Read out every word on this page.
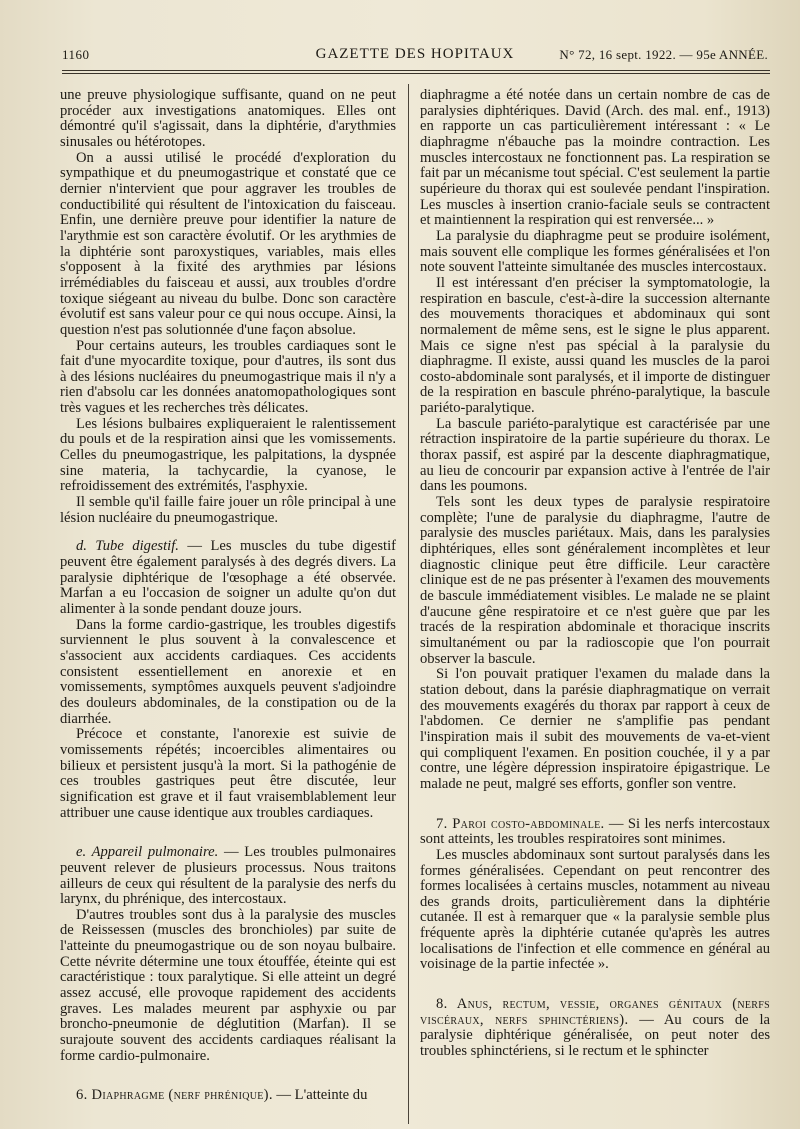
1160	GAZETTE DES HOPITAUX	N° 72, 16 sept. 1922. — 95e ANNÉE.

une preuve physiologique suffisante, quand on ne peut procéder aux investigations anatomiques. Elles ont démontré qu'il s'agissait, dans la diphtérie, d'arythmies sinusales ou hétérotopes.

On a aussi utilisé le procédé d'exploration du sympathique et du pneumogastrique et constaté que ce dernier n'intervient que pour aggraver les troubles de conductibilité qui résultent de l'intoxication du faisceau. Enfin, une dernière preuve pour identifier la nature de l'arythmie est son caractère évolutif. Or les arythmies de la diphtérie sont paroxystiques, variables, mais elles s'opposent à la fixité des arythmies par lésions irrémédiables du faisceau et aussi, aux troubles d'ordre toxique siégeant au niveau du bulbe. Donc son caractère évolutif est sans valeur pour ce qui nous occupe. Ainsi, la question n'est pas solutionnée d'une façon absolue.

Pour certains auteurs, les troubles cardiaques sont le fait d'une myocardite toxique, pour d'autres, ils sont dus à des lésions nucléaires du pneumogastrique mais il n'y a rien d'absolu car les données anatomopathologiques sont très vagues et les recherches très délicates.

Les lésions bulbaires expliqueraient le ralentissement du pouls et de la respiration ainsi que les vomissements. Celles du pneumogastrique, les palpitations, la dyspnée sine materia, la tachycardie, la cyanose, le refroidissement des extrémités, l'asphyxie.

Il semble qu'il faille faire jouer un rôle principal à une lésion nucléaire du pneumogastrique.

d. Tube digestif. — Les muscles du tube digestif peuvent être également paralysés à des degrés divers. La paralysie diphtérique de l'œsophage a été observée. Marfan a eu l'occasion de soigner un adulte qu'on dut alimenter à la sonde pendant douze jours.

Dans la forme cardio-gastrique, les troubles digestifs surviennent le plus souvent à la convalescence et s'associent aux accidents cardiaques. Ces accidents consistent essentiellement en anorexie et en vomissements, symptômes auxquels peuvent s'adjoindre des douleurs abdominales, de la constipation ou de la diarrhée.

Précoce et constante, l'anorexie est suivie de vomissements répétés; incoercibles alimentaires ou bilieux et persistent jusqu'à la mort. Si la pathogénie de ces troubles gastriques peut être discutée, leur signification est grave et il faut vraisemblablement leur attribuer une cause identique aux troubles cardiaques.

e. Appareil pulmonaire. — Les troubles pulmonaires peuvent relever de plusieurs processus. Nous traitons ailleurs de ceux qui résultent de la paralysie des nerfs du larynx, du phrénique, des intercostaux.

D'autres troubles sont dus à la paralysie des muscles de Reissessen (muscles des bronchioles) par suite de l'atteinte du pneumogastrique ou de son noyau bulbaire. Cette névrite détermine une toux étouffée, éteinte qui est caractéristique : toux paralytique. Si elle atteint un degré assez accusé, elle provoque rapidement des accidents graves. Les malades meurent par asphyxie ou par broncho-pneumonie de déglutition (Marfan). Il se surajoute souvent des accidents cardiaques réalisant la forme cardio-pulmonaire.

6. Diaphragme (nerf phrénique). — L'atteinte du

diaphragme a été notée dans un certain nombre de cas de paralysies diphtériques. David (Arch. des mal. enf., 1913) en rapporte un cas particulièrement intéressant : « Le diaphragme n'ébauche pas la moindre contraction. Les muscles intercostaux ne fonctionnent pas. La respiration se fait par un mécanisme tout spécial. C'est seulement la partie supérieure du thorax qui est soulevée pendant l'inspiration. Les muscles à insertion cranio-faciale seuls se contractent et maintiennent la respiration qui est renversée... »

La paralysie du diaphragme peut se produire isolément, mais souvent elle complique les formes généralisées et l'on note souvent l'atteinte simultanée des muscles intercostaux.

Il est intéressant d'en préciser la symptomatologie, la respiration en bascule, c'est-à-dire la succession alternante des mouvements thoraciques et abdominaux qui sont normalement de même sens, est le signe le plus apparent. Mais ce signe n'est pas spécial à la paralysie du diaphragme. Il existe, aussi quand les muscles de la paroi costo-abdominale sont paralysés, et il importe de distinguer de la respiration en bascule phréno-paralytique, la bascule pariéto-paralytique.

La bascule pariéto-paralytique est caractérisée par une rétraction inspiratoire de la partie supérieure du thorax. Le thorax passif, est aspiré par la descente diaphragmatique, au lieu de concourir par expansion active à l'entrée de l'air dans les poumons.

Tels sont les deux types de paralysie respiratoire complète; l'une de paralysie du diaphragme, l'autre de paralysie des muscles pariétaux. Mais, dans les paralysies diphtériques, elles sont généralement incomplètes et leur diagnostic clinique peut être difficile. Leur caractère clinique est de ne pas présenter à l'examen des mouvements de bascule immédiatement visibles. Le malade ne se plaint d'aucune gêne respiratoire et ce n'est guère que par les tracés de la respiration abdominale et thoracique inscrits simultanément ou par la radioscopie que l'on pourrait observer la bascule.

Si l'on pouvait pratiquer l'examen du malade dans la station debout, dans la parésie diaphragmatique on verrait des mouvements exagérés du thorax par rapport à ceux de l'abdomen. Ce dernier ne s'amplifie pas pendant l'inspiration mais il subit des mouvements de va-et-vient qui compliquent l'examen. En position couchée, il y a par contre, une légère dépression inspiratoire épigastrique. Le malade ne peut, malgré ses efforts, gonfler son ventre.

7. Paroi costo-abdominale. — Si les nerfs intercostaux sont atteints, les troubles respiratoires sont minimes.

Les muscles abdominaux sont surtout paralysés dans les formes généralisées. Cependant on peut rencontrer des formes localisées à certains muscles, notamment au niveau des grands droits, particulièrement dans la diphtérie cutanée. Il est à remarquer que « la paralysie semble plus fréquente après la diphtérie cutanée qu'après les autres localisations de l'infection et elle commence en général au voisinage de la partie infectée ».

8. Anus, rectum, vessie, organes génitaux (nerfs viscéraux, nerfs sphinctériens). — Au cours de la paralysie diphtérique généralisée, on peut noter des troubles sphinctériens, si le rectum et le sphincter
